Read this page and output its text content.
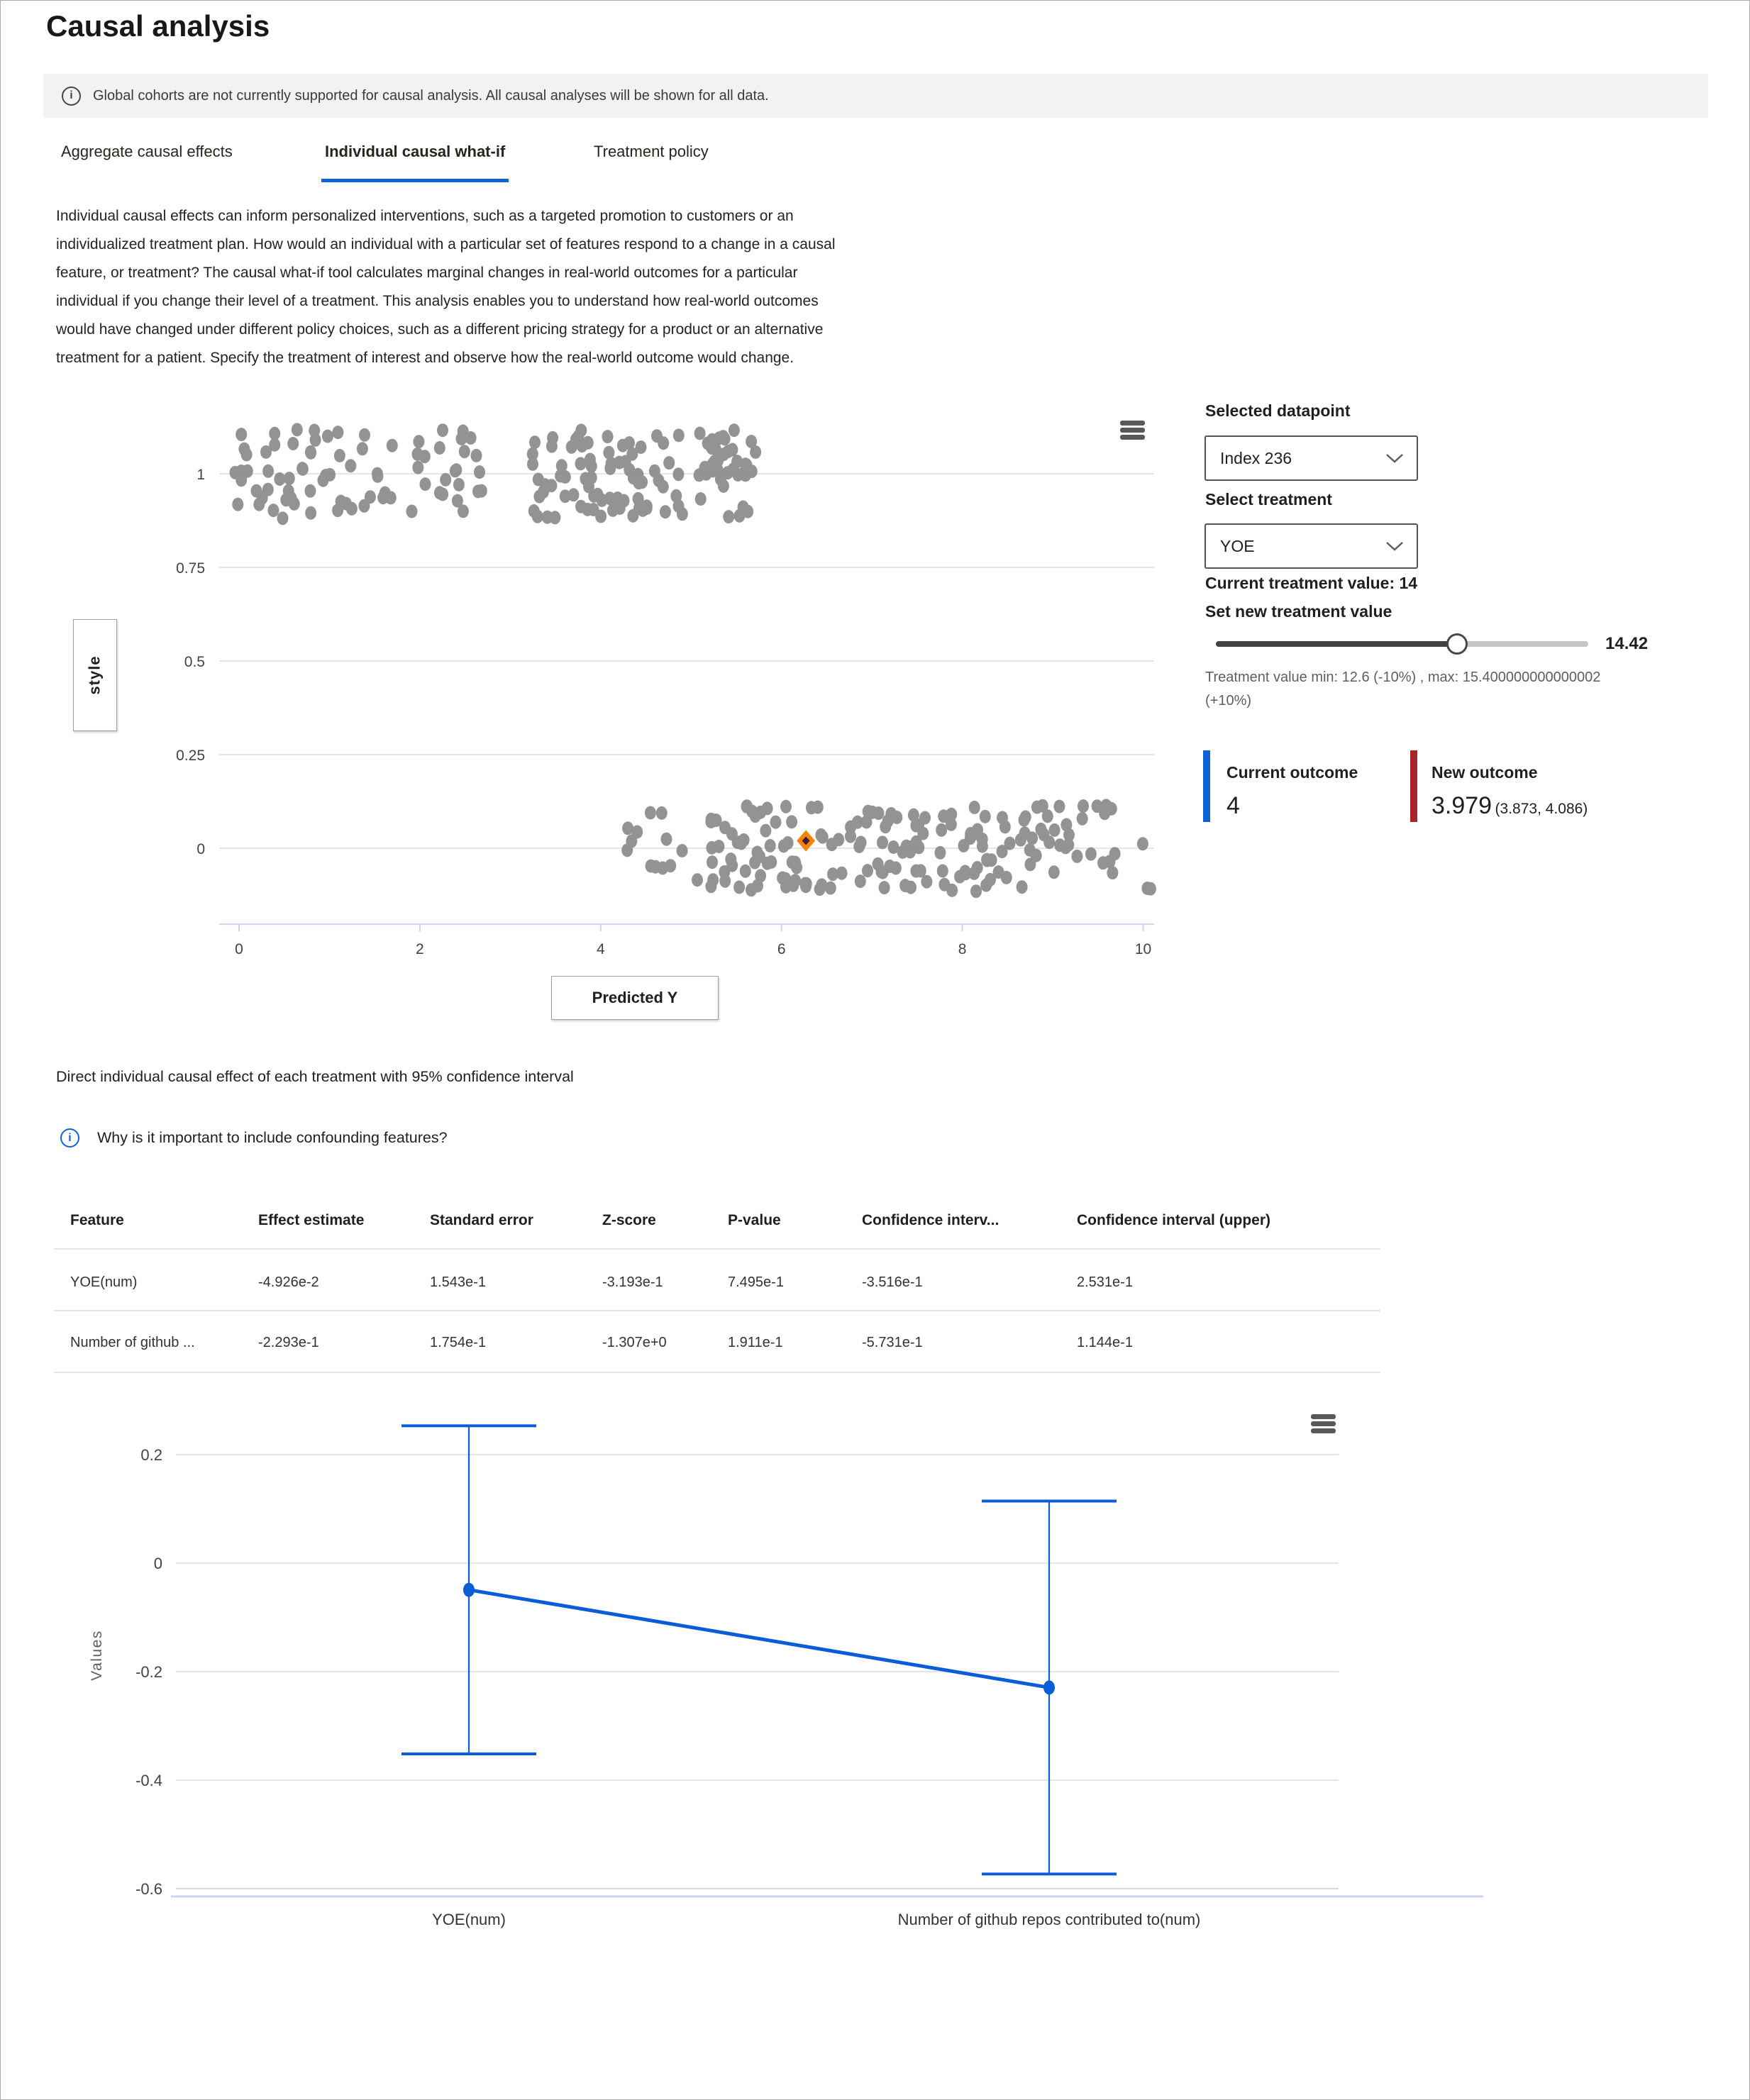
Causal analysis
i	Global cohorts are not currently supported for causal analysis. All causal analyses will be shown for all data.
Aggregate causal effects	Individual causal what-if	Treatment policy
Individual causal effects can inform personalized interventions, such as a targeted promotion to customers or an
individualized treatment plan. How would an individual with a particular set of features respond to a change in a causal
feature, or treatment? The causal what-if tool calculates marginal changes in real-world outcomes for a particular
individual if you change their level of a treatment. This analysis enables you to understand how real-world outcomes
would have changed under different policy choices, such as a different pricing strategy for a product or an alternative
treatment for a patient. Specify the treatment of interest and observe how the real-world outcome would change.
1
0.75
0.5
0.25
0
0	2	4	6	8	10
style
Predicted Y
Selected datapoint
Index 236
Select treatment
YOE
Current treatment value: 14
Set new treatment value
14.42
Treatment value min: 12.6 (-10%) , max: 15.400000000000002
(+10%)
Current outcome
4
New outcome
3.979 (3.873, 4.086)
Direct individual causal effect of each treatment with 95% confidence interval
i	Why is it important to include confounding features?
Feature	Effect estimate	Standard error	Z-score	P-value	Confidence interv...	Confidence interval (upper)
YOE(num)	-4.926e-2	1.543e-1	-3.193e-1	7.495e-1	-3.516e-1	2.531e-1
Number of github ...	-2.293e-1	1.754e-1	-1.307e+0	1.911e-1	-5.731e-1	1.144e-1
0.2
0
-0.2
-0.4
-0.6
YOE(num)	Number of github repos contributed to(num)
Values
